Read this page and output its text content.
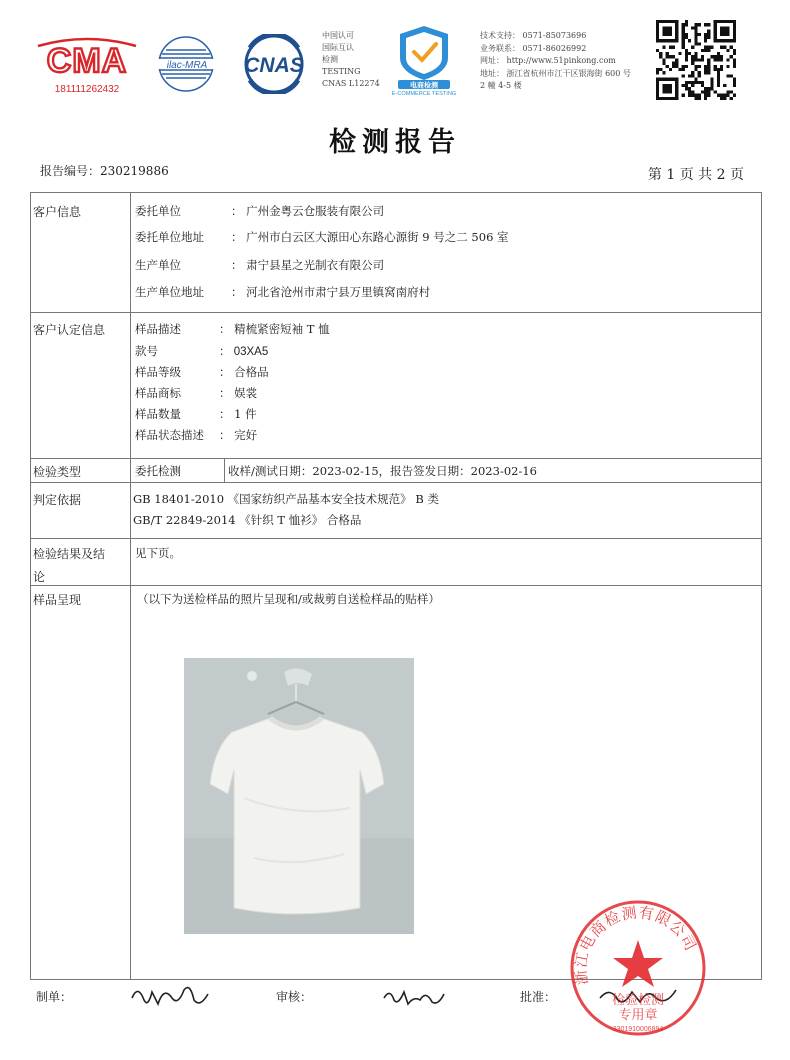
CMA
181111262432
ilac-MRA CNAS
中国认可
国际互认
检测
TESTING
CNAS L12274	电商检测
E-COMMERCE TESTING
技术支持： 0571-85073696
业务联系： 0571-86026992
网址： http://www.51pinkong.com
地址： 浙江省杭州市江干区银海街 600 号
2 幢 4-5 楼
检测报告
报告编号：230219886	第 1 页 共 2 页
客户信息	委托单位	： 广州金粤云仓服装有限公司
委托单位地址 ： 广州市白云区大源田心东路心源街 9 号之二 506 室
生产单位	： 肃宁县星之光制衣有限公司
生产单位地址 ： 河北省沧州市肃宁县万里镇窝南府村
客户认定信息	样品描述	： 精梳紧密短袖 T 恤
款号	： 03XA5
样品等级	： 合格品
样品商标	： 娱裳
样品数量	： 1 件
样品状态描述 ： 完好
检验类型	委托检测	收样/测试日期：2023-02-15，报告签发日期：2023-02-16
判定依据	GB 18401-2010 《国家纺织产品基本安全技术规范》 B 类
GB/T 22849-2014 《针织 T 恤衫》 合格品
检验结果及结
论
见下页。
样品呈现	（以下为送检样品的照片呈现和/或裁剪自送检样品的贴样）
制单：	审核：	批准：
浙江电商检测有限公司
检验检测
专用章
3301910006894
